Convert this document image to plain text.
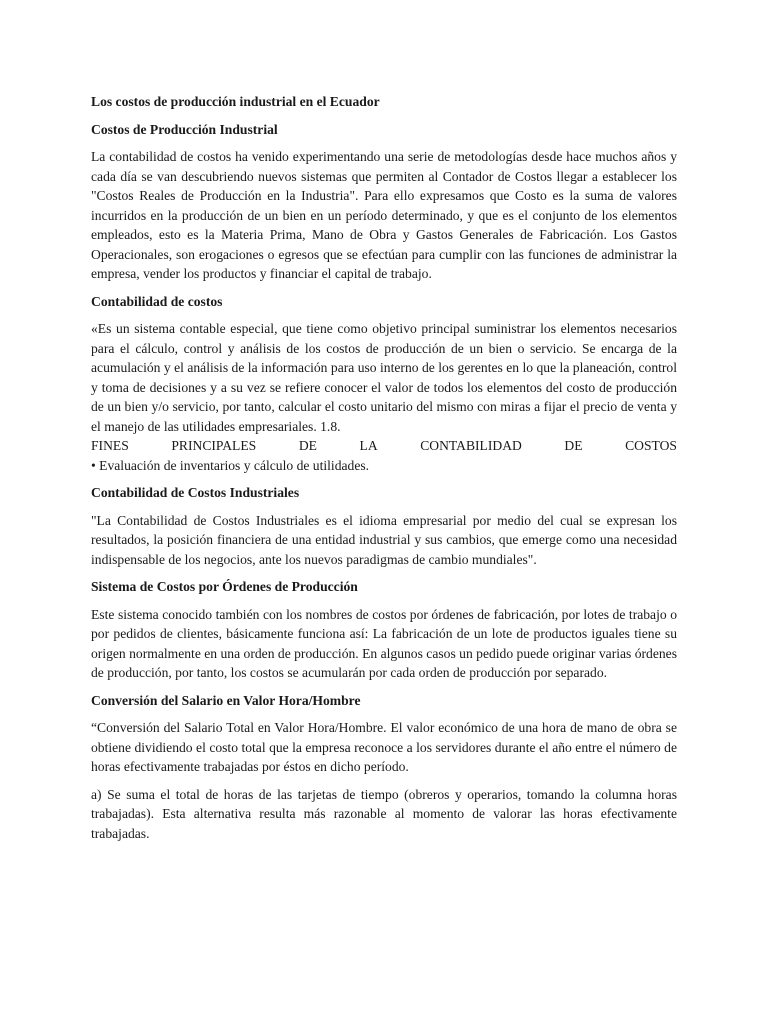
Los costos de producción industrial en el Ecuador
Costos de Producción Industrial
La contabilidad de costos ha venido experimentando una serie de metodologías desde hace muchos años y cada día se van descubriendo nuevos sistemas que permiten al Contador de Costos llegar a establecer los "Costos Reales de Producción en la Industria". Para ello expresamos que Costo es la suma de valores incurridos en la producción de un bien en un período determinado, y que es el conjunto de los elementos empleados, esto es la Materia Prima, Mano de Obra y Gastos Generales de Fabricación. Los Gastos Operacionales, son erogaciones o egresos que se efectúan para cumplir con las funciones de administrar la empresa, vender los productos y financiar el capital de trabajo.
Contabilidad de costos
«Es un sistema contable especial, que tiene como objetivo principal suministrar los elementos necesarios para el cálculo, control y análisis de los costos de producción de un bien o servicio. Se encarga de la acumulación y el análisis de la información para uso interno de los gerentes en lo que la planeación, control y toma de decisiones y a su vez se refiere conocer el valor de todos los elementos del costo de producción de un bien y/o servicio, por tanto, calcular el costo unitario del mismo con miras a fijar el precio de venta y el manejo de las utilidades empresariales. 1.8.
FINES	PRINCIPALES	DE	LA	CONTABILIDAD	DE	COSTOS
• Evaluación de inventarios y cálculo de utilidades.
Contabilidad de Costos Industriales
"La Contabilidad de Costos Industriales es el idioma empresarial por medio del cual se expresan los resultados, la posición financiera de una entidad industrial y sus cambios, que emerge como una necesidad indispensable de los negocios, ante los nuevos paradigmas de cambio mundiales".
Sistema de Costos por Órdenes de Producción
Este sistema conocido también con los nombres de costos por órdenes de fabricación, por lotes de trabajo o por pedidos de clientes, básicamente funciona así: La fabricación de un lote de productos iguales tiene su origen normalmente en una orden de producción. En algunos casos un pedido puede originar varias órdenes de producción, por tanto, los costos se acumularán por cada orden de producción por separado.
Conversión del Salario en Valor Hora/Hombre
“Conversión del Salario Total en Valor Hora/Hombre. El valor económico de una hora de mano de obra se obtiene dividiendo el costo total que la empresa reconoce a los servidores durante el año entre el número de horas efectivamente trabajadas por éstos en dicho período.
a) Se suma el total de horas de las tarjetas de tiempo (obreros y operarios, tomando la columna horas trabajadas). Esta alternativa resulta más razonable al momento de valorar las horas efectivamente trabajadas.
